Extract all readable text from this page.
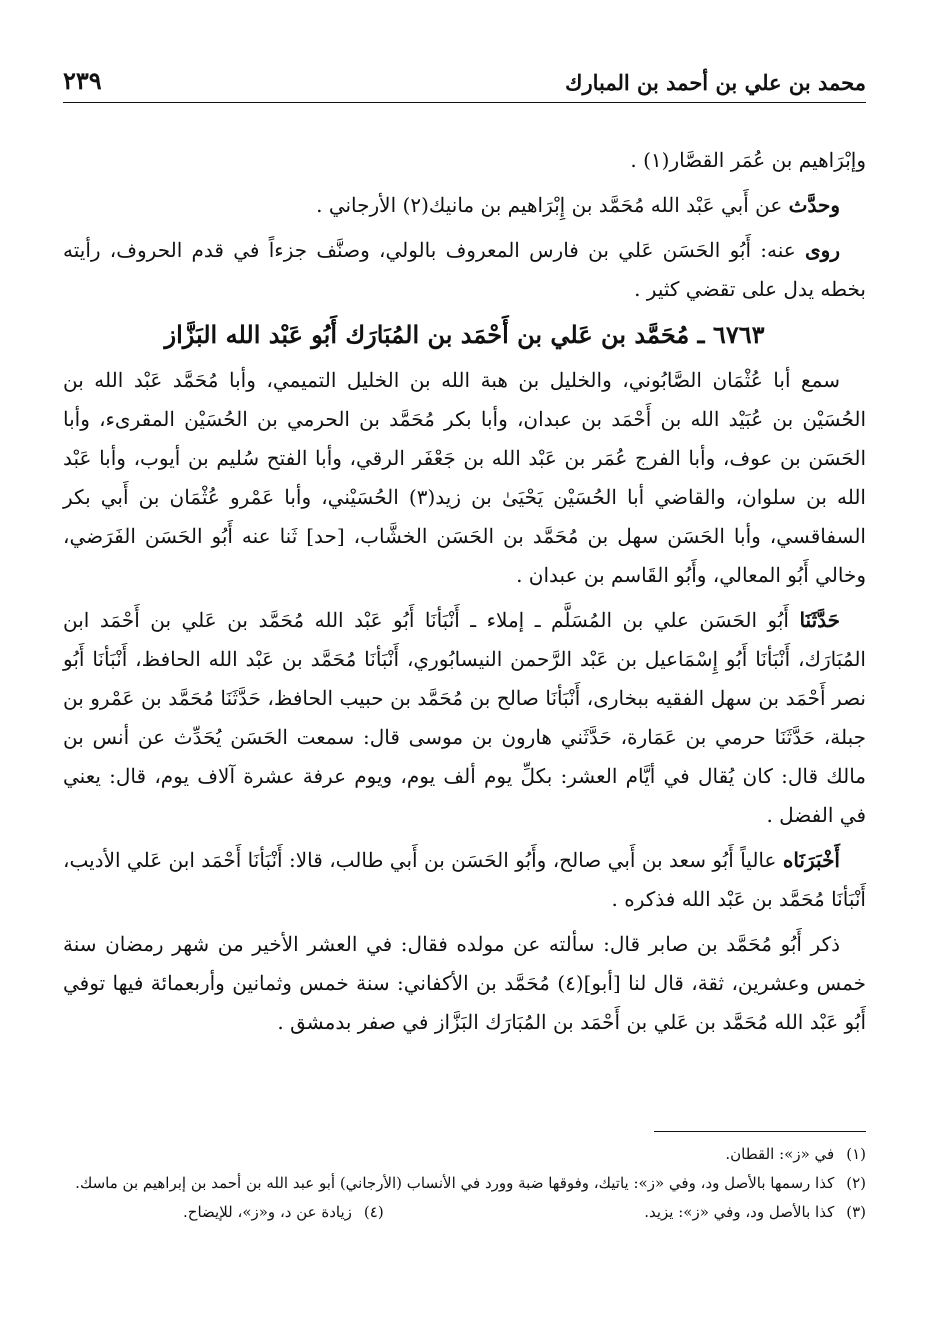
محمد بن علي بن أحمد بن المبارك
٢٣٩

وإبْرَاهيم بن عُمَر القصَّار(١) .

وحدَّث عن أَبي عَبْد الله مُحَمَّد بن إِبْرَاهيم بن مانيك(٢) الأرجاني .

روى عنه: أَبُو الحَسَن عَلي بن فارس المعروف بالولي، وصنَّف جزءاً في قدم الحروف، رأيته بخطه يدل على تقضي كثير .

٦٧٦٣ ـ مُحَمَّد بن عَلي بن أَحْمَد بن المُبَارَك أَبُو عَبْد الله البَزَّاز

سمع أبا عُثْمَان الصَّابُوني، والخليل بن هبة الله بن الخليل التميمي، وأبا مُحَمَّد عَبْد الله بن الحُسَيْن بن عُبَيْد الله بن أَحْمَد بن عبدان، وأبا بكر مُحَمَّد بن الحرمي بن الحُسَيْن المقرىء، وأبا الحَسَن بن عوف، وأبا الفرج عُمَر بن عَبْد الله بن جَعْفَر الرقي، وأبا الفتح سُليم بن أيوب، وأبا عَبْد الله بن سلوان، والقاضي أبا الحُسَيْن يَحْيَىٰ بن زيد(٣) الحُسَيْني، وأبا عَمْرو عُثْمَان بن أَبي بكر السفاقسي، وأبا الحَسَن سهل بن مُحَمَّد بن الحَسَن الخشَّاب، [حد] ثَنا عنه أَبُو الحَسَن الفَرَضي، وخالي أَبُو المعالي، وأَبُو القَاسم بن عبدان .

حَدَّثَنَا أَبُو الحَسَن علي بن المُسَلَّم ـ إملاء ـ أَنْبَأنَا أَبُو عَبْد الله مُحَمَّد بن عَلي بن أَحْمَد ابن المُبَارَك، أَنْبَأنَا أَبُو إِسْمَاعيل بن عَبْد الرَّحمن النيسابُوري، أَنْبَأنَا مُحَمَّد بن عَبْد الله الحافظ، أَنْبَأنَا أَبُو نصر أَحْمَد بن سهل الفقيه ببخارى، أَنْبَأنَا صالح بن مُحَمَّد بن حبيب الحافظ، حَدَّثَنَا مُحَمَّد بن عَمْرو بن جبلة، حَدَّثَنَا حرمي بن عَمَارة، حَدَّثَني هارون بن موسى قال: سمعت الحَسَن يُحَدِّث عن أنس بن مالك قال: كان يُقال في أيَّام العشر: بكلِّ يوم ألف يوم، ويوم عرفة عشرة آلاف يوم، قال: يعني في الفضل .

أَخْبَرَنَاه عالياً أَبُو سعد بن أَبي صالح، وأَبُو الحَسَن بن أَبي طالب، قالا: أَنْبَأنَا أَحْمَد ابن عَلي الأديب، أَنْبَأنَا مُحَمَّد بن عَبْد الله فذكره .

ذكر أَبُو مُحَمَّد بن صابر قال: سألته عن مولده فقال: في العشر الأخير من شهر رمضان سنة خمس وعشرين، ثقة، قال لنا [أبو](٤) مُحَمَّد بن الأكفاني: سنة خمس وثمانين وأربعمائة فيها توفي أَبُو عَبْد الله مُحَمَّد بن عَلي بن أَحْمَد بن المُبَارَك البَزَّاز في صفر بدمشق .

(١)
في «ز»: القطان.
(٢)
كذا رسمها بالأصل ود، وفي «ز»: ياتيك، وفوقها ضبة وورد في الأنساب (الأرجاني) أبو عبد الله بن أحمد بن إبراهيم بن ماسك.
(٣)
كذا بالأصل ود، وفي «ز»: يزيد.
(٤)
زيادة عن د، و«ز»، للإيضاح.
